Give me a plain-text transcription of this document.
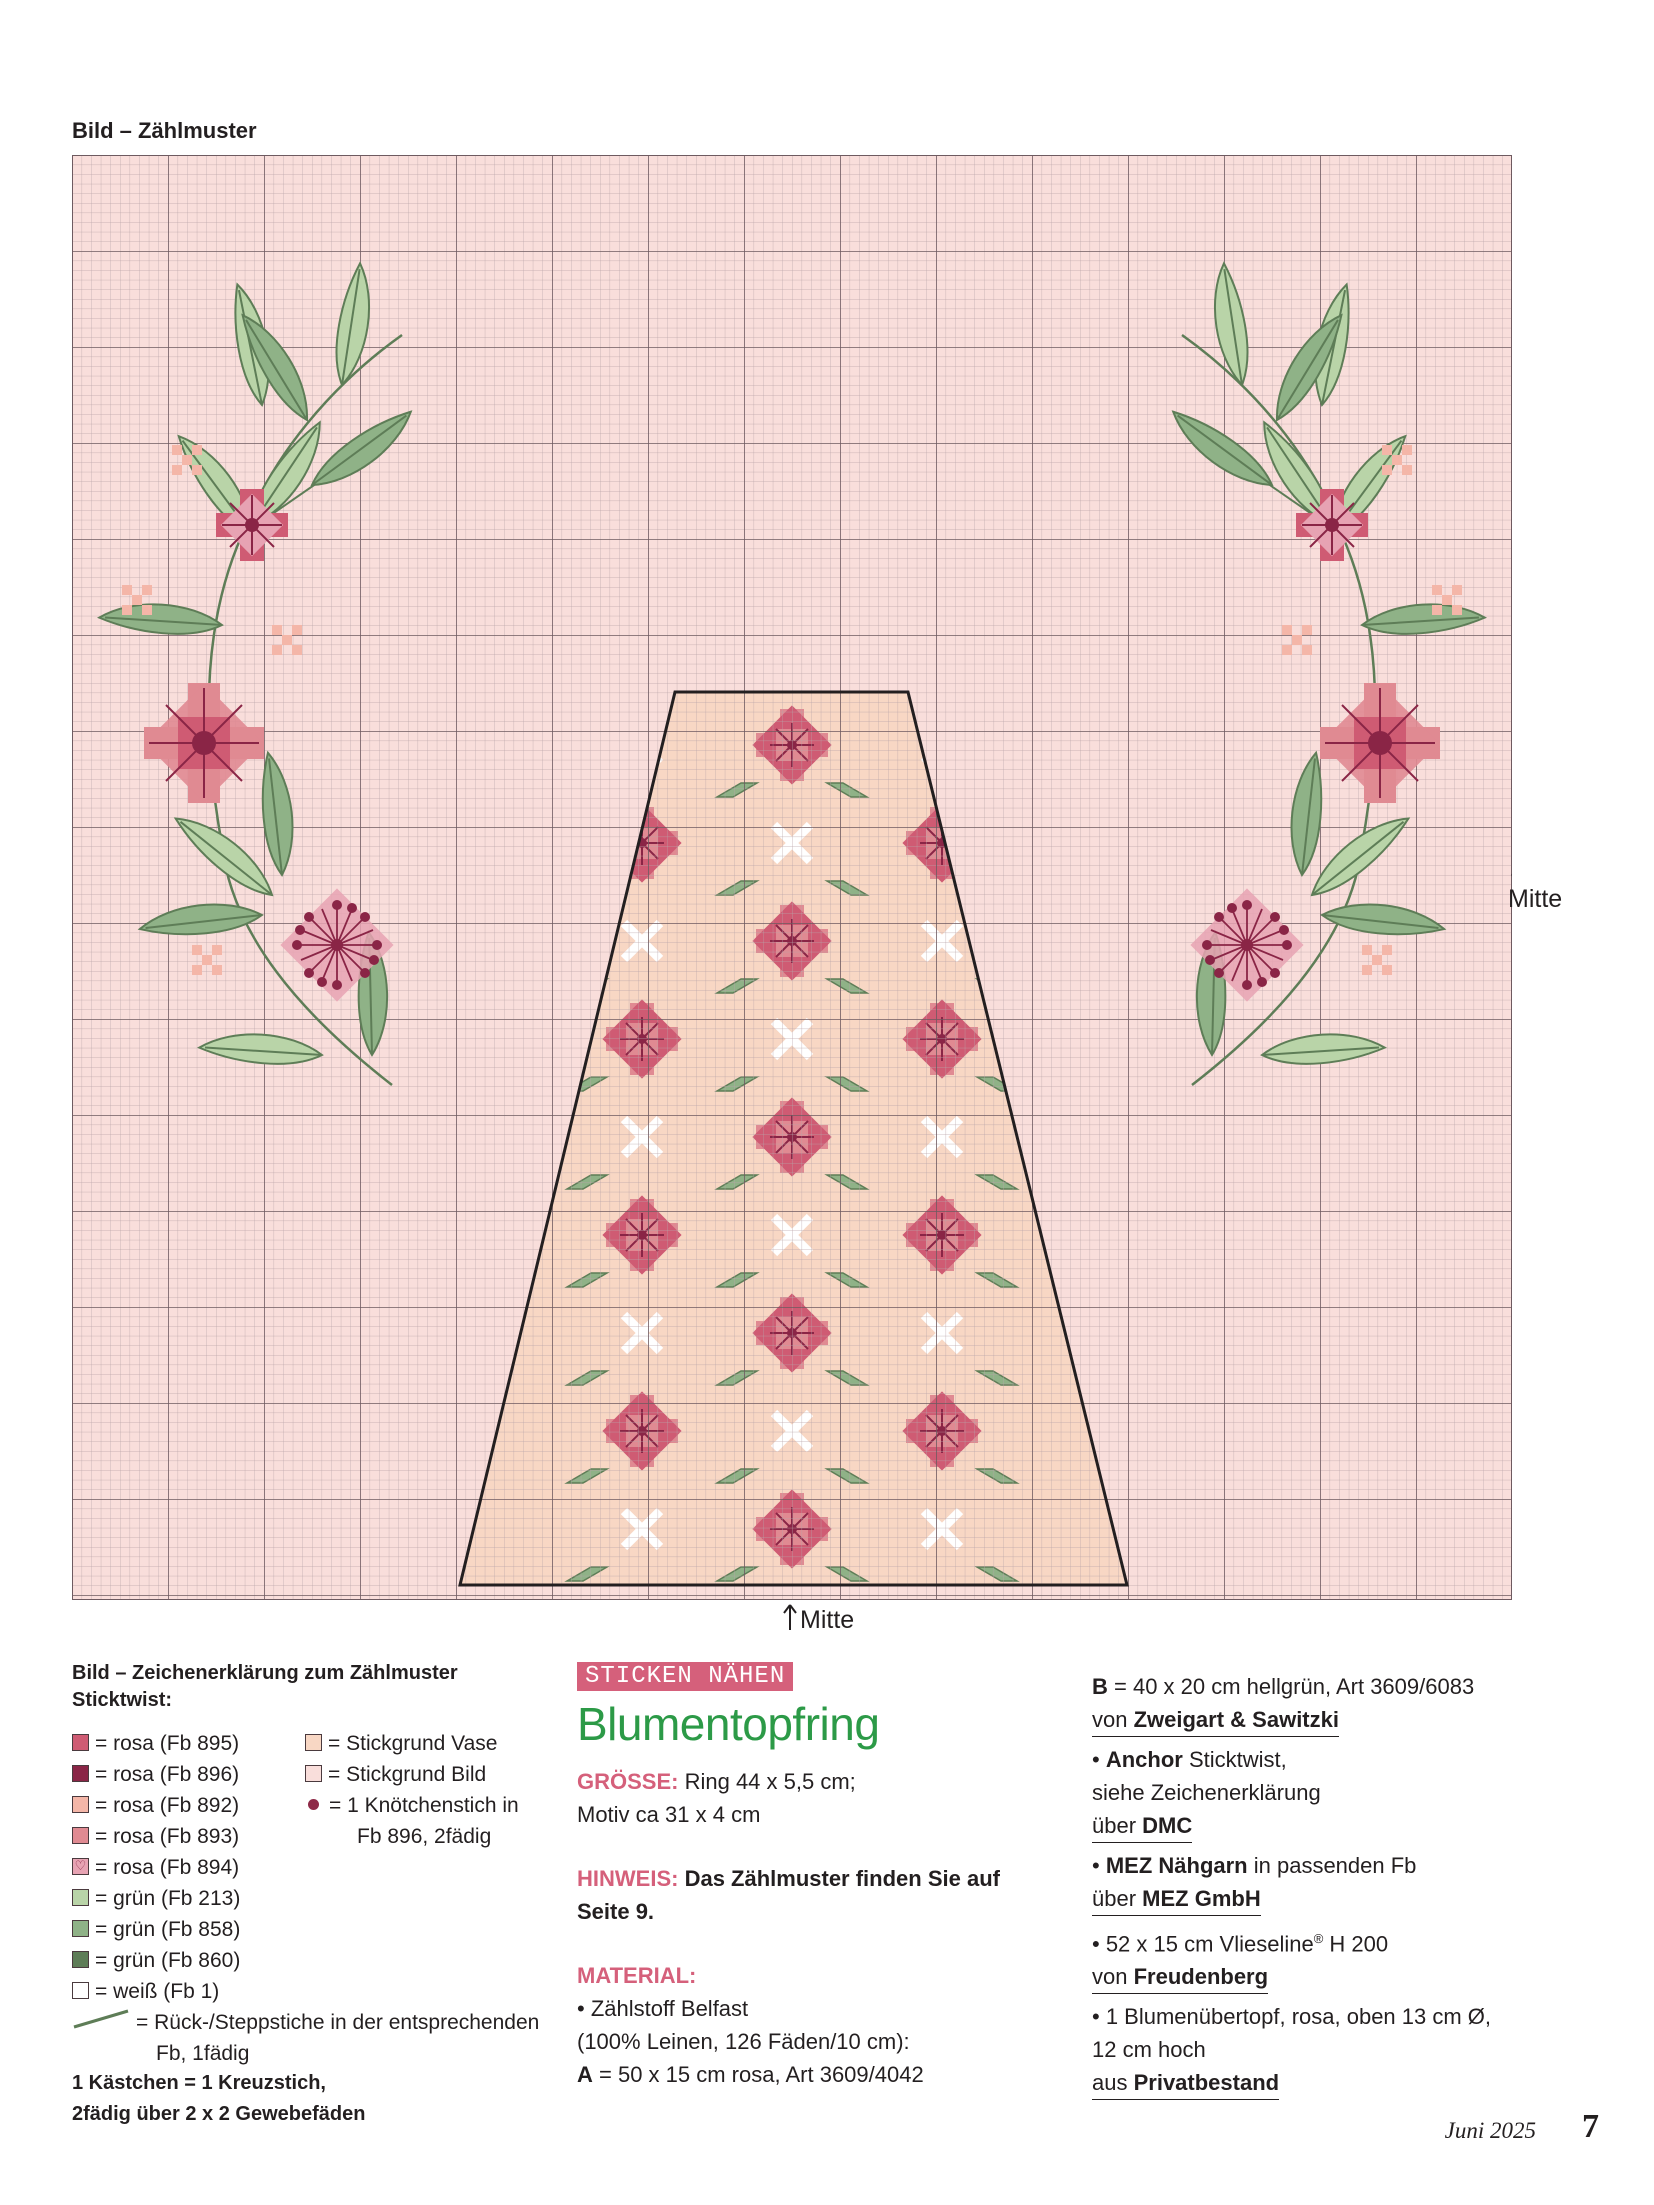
Bild – Zählmuster
Mitte
Mitte
Bild – Zeichenerklärung zum Zählmuster
Sticktwist:
= rosa (Fb 895)
= rosa (Fb 896)
= rosa (Fb 892)
= rosa (Fb 893)
♡ = rosa (Fb 894)
= grün (Fb 213)
= grün (Fb 858)
= grün (Fb 860)
= weiß (Fb 1)
= Rück-/Steppstiche in der entsprechenden
Fb, 1fädig
= Stickgrund Vase
= Stickgrund Bild
= 1 Knötchenstich in
Fb 896, 2fädig
1 Kästchen = 1 Kreuzstich,
2fädig über 2 x 2 Gewebefäden
STICKEN NÄHEN
Blumentopfring
GRÖSSE: Ring 44 x 5,5 cm;
Motiv ca 31 x 4 cm
HINWEIS: Das Zählmuster finden Sie auf
Seite 9.
MATERIAL:
• Zählstoff Belfast
(100% Leinen, 126 Fäden/10 cm):
A = 50 x 15 cm rosa, Art 3609/4042
B = 40 x 20 cm hellgrün, Art 3609/6083
von Zweigart & Sawitzki
• Anchor Sticktwist,
siehe Zeichenerklärung
über DMC
• MEZ Nähgarn in passenden Fb
über MEZ GmbH
• 52 x 15 cm Vlieseline® H 200
von Freudenberg
• 1 Blumenübertopf, rosa, oben 13 cm Ø,
12 cm hoch
aus Privatbestand
Juni 2025 7
